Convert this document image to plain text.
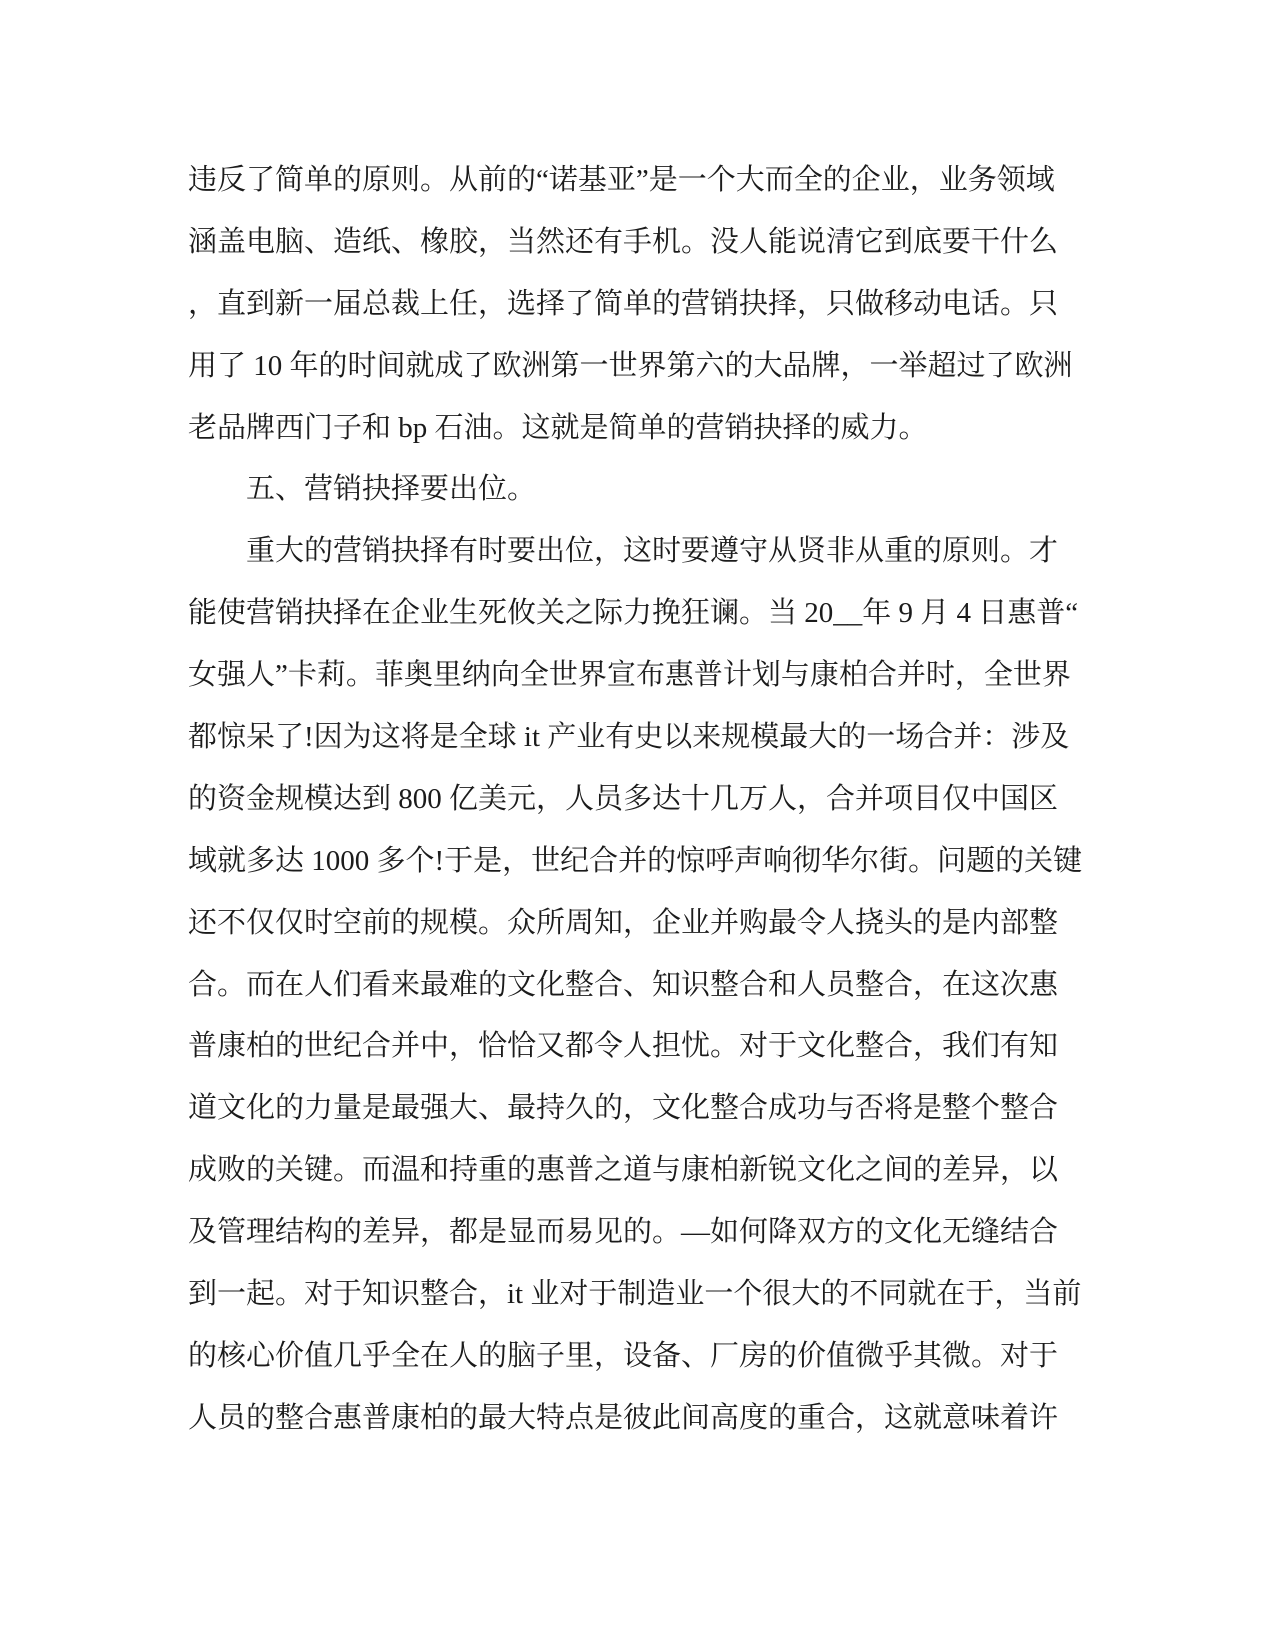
违反了简单的原则。从前的“诺基亚”是一个大而全的企业，业务领域
涵盖电脑、造纸、橡胶，当然还有手机。没人能说清它到底要干什么
，直到新一届总裁上任，选择了简单的营销抉择，只做移动电话。只
用了 10 年的时间就成了欧洲第一世界第六的大品牌，一举超过了欧洲
老品牌西门子和 bp 石油。这就是简单的营销抉择的威力。
　　五、营销抉择要出位。
　　重大的营销抉择有时要出位，这时要遵守从贤非从重的原则。才
能使营销抉择在企业生死攸关之际力挽狂谰。当 20__年 9 月 4 日惠普“
女强人”卡莉。菲奥里纳向全世界宣布惠普计划与康柏合并时，全世界
都惊呆了!因为这将是全球 it 产业有史以来规模最大的一场合并：涉及
的资金规模达到 800 亿美元，人员多达十几万人，合并项目仅中国区
域就多达 1000 多个!于是，世纪合并的惊呼声响彻华尔街。问题的关键
还不仅仅时空前的规模。众所周知，企业并购最令人挠头的是内部整
合。而在人们看来最难的文化整合、知识整合和人员整合，在这次惠
普康柏的世纪合并中，恰恰又都令人担忧。对于文化整合，我们有知
道文化的力量是最强大、最持久的，文化整合成功与否将是整个整合
成败的关键。而温和持重的惠普之道与康柏新锐文化之间的差异，以
及管理结构的差异，都是显而易见的。—如何降双方的文化无缝结合
到一起。对于知识整合，it 业对于制造业一个很大的不同就在于，当前
的核心价值几乎全在人的脑子里，设备、厂房的价值微乎其微。对于
人员的整合惠普康柏的最大特点是彼此间高度的重合，这就意味着许
